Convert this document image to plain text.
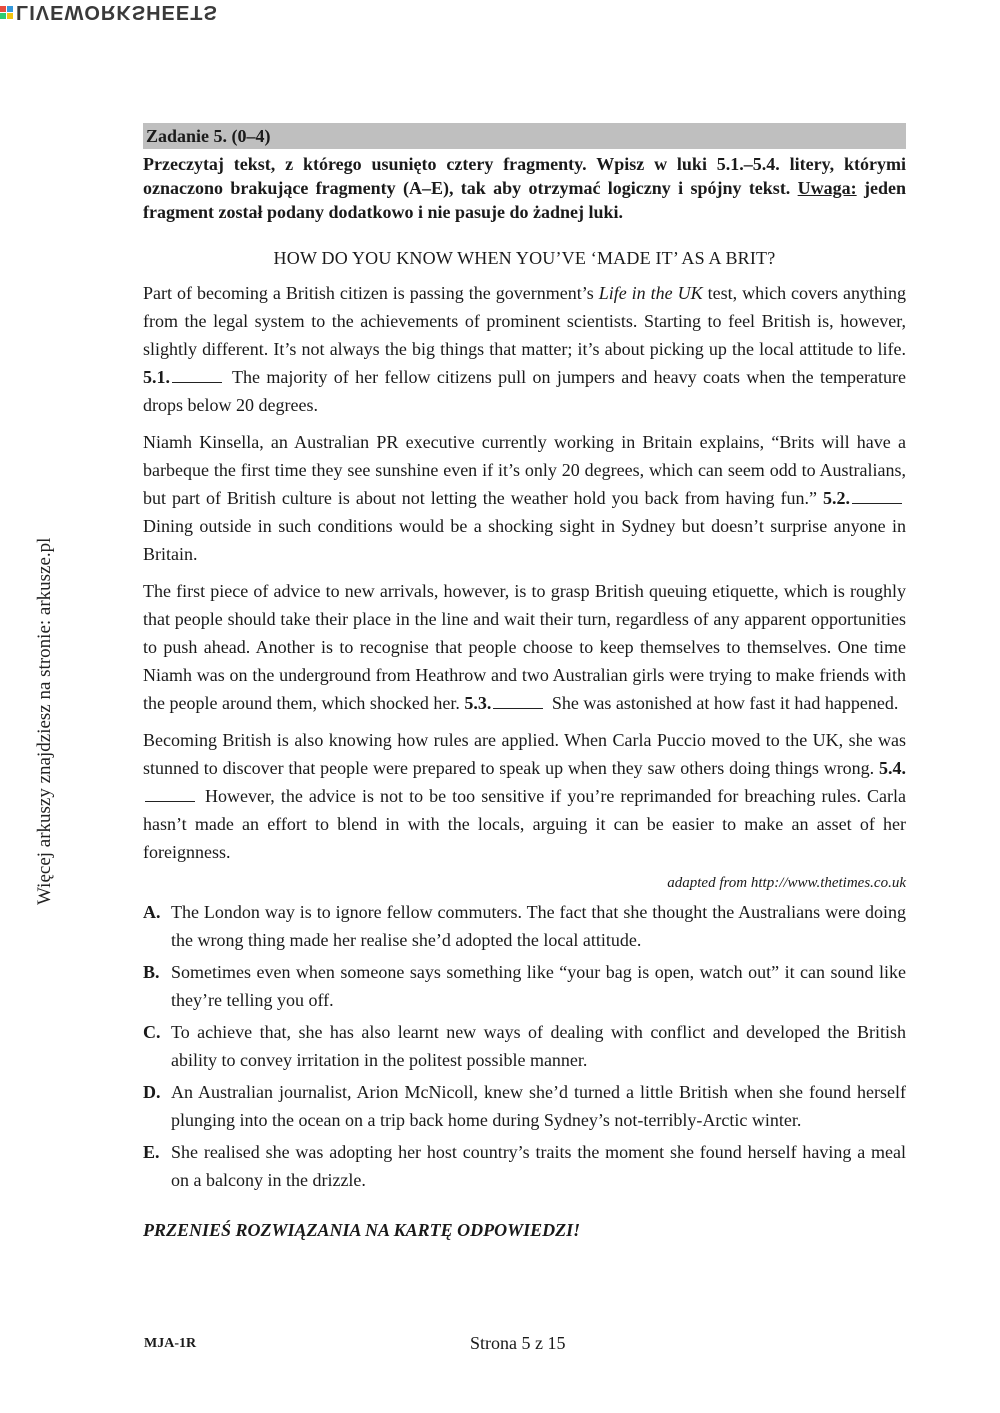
LIVEWORKSHEETS
Więcej arkuszy znajdziesz na stronie: arkusze.pl
Zadanie 5. (0–4)
Przeczytaj tekst, z którego usunięto cztery fragmenty. Wpisz w luki 5.1.–5.4. litery, którymi oznaczono brakujące fragmenty (A–E), tak aby otrzymać logiczny i spójny tekst. Uwaga: jeden fragment został podany dodatkowo i nie pasuje do żadnej luki.
HOW DO YOU KNOW WHEN YOU’VE ‘MADE IT’ AS A BRIT?

Part of becoming a British citizen is passing the government’s Life in the UK test, which covers anything from the legal system to the achievements of prominent scientists. Starting to feel British is, however, slightly different. It’s not always the big things that matter; it’s about picking up the local attitude to life. 5.1.	The majority of her fellow citizens pull on jumpers and heavy coats when the temperature drops below 20 degrees.

Niamh Kinsella, an Australian PR executive currently working in Britain explains, “Brits will have a barbeque the first time they see sunshine even if it’s only 20 degrees, which can seem odd to Australians, but part of British culture is about not letting the weather hold you back from having fun.” 5.2. Dining outside in such conditions would be a shocking sight in Sydney but doesn’t surprise anyone in Britain.

The first piece of advice to new arrivals, however, is to grasp British queuing etiquette, which is roughly that people should take their place in the line and wait their turn, regardless of any apparent opportunities to push ahead. Another is to recognise that people choose to keep themselves to themselves. One time Niamh was on the underground from Heathrow and two Australian girls were trying to make friends with the people around them, which shocked her. 5.3.	She was astonished at how fast it had happened.

Becoming British is also knowing how rules are applied. When Carla Puccio moved to the UK, she was stunned to discover that people were prepared to speak up when they saw others doing things wrong. 5.4. However, the advice is not to be too sensitive if you’re reprimanded for breaching rules. Carla hasn’t made an effort to blend in with the locals, arguing it can be easier to make an asset of her foreignness.

adapted from http://www.thetimes.co.uk
A. The London way is to ignore fellow commuters. The fact that she thought the Australians were doing the wrong thing made her realise she’d adopted the local attitude.
B. Sometimes even when someone says something like “your bag is open, watch out” it can sound like they’re telling you off.
C. To achieve that, she has also learnt new ways of dealing with conflict and developed the British ability to convey irritation in the politest possible manner.
D. An Australian journalist, Arion McNicoll, knew she’d turned a little British when she found herself plunging into the ocean on a trip back home during Sydney’s not-terribly-Arctic winter.
E. She realised she was adopting her host country’s traits the moment she found herself having a meal on a balcony in the drizzle.
PRZENIEŚ ROZWIĄZANIA NA KARTĘ ODPOWIEDZI!
MJA-1R	Strona 5 z 15
